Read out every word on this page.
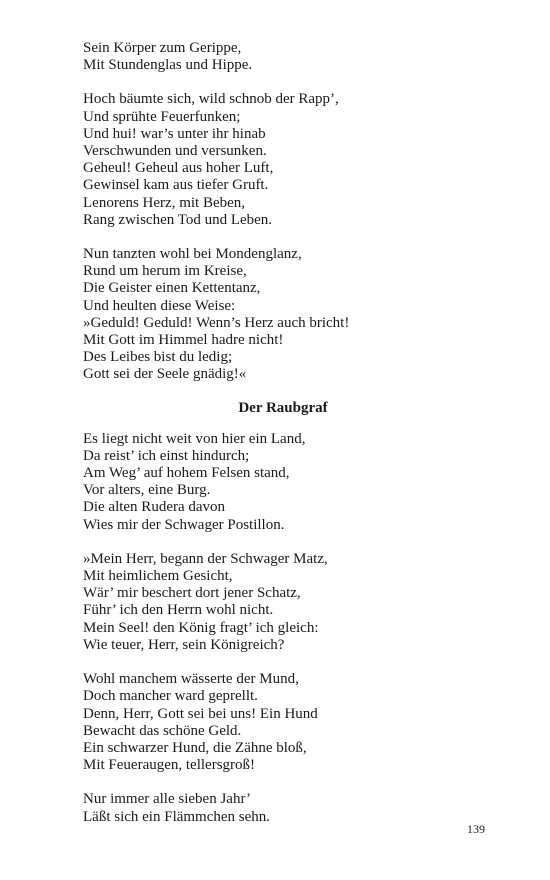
Sein Körper zum Gerippe,

Mit Stundenglas und Hippe.

Hoch bäumte sich, wild schnob der Rapp’,

Und sprühte Feuerfunken;

Und hui! war’s unter ihr hinab

Verschwunden und versunken.

Geheul! Geheul aus hoher Luft,

Gewinsel kam aus tiefer Gruft.

Lenorens Herz, mit Beben,

Rang zwischen Tod und Leben.

Nun tanzten wohl bei Mondenglanz,

Rund um herum im Kreise,

Die Geister einen Kettentanz,

Und heulten diese Weise:

»Geduld! Geduld! Wenn’s Herz auch bricht!

Mit Gott im Himmel hadre nicht!

Des Leibes bist du ledig;

Gott sei der Seele gnädig!«

Der Raubgraf

Es liegt nicht weit von hier ein Land,

Da reist’ ich einst hindurch;

Am Weg’ auf hohem Felsen stand,

Vor alters, eine Burg.

Die alten Rudera davon

Wies mir der Schwager Postillon.

»Mein Herr, begann der Schwager Matz,

Mit heimlichem Gesicht,

Wär’ mir beschert dort jener Schatz,

Führ’ ich den Herrn wohl nicht.

Mein Seel! den König fragt’ ich gleich:

Wie teuer, Herr, sein Königreich?

Wohl manchem wässerte der Mund,

Doch mancher ward geprellt.

Denn, Herr, Gott sei bei uns! Ein Hund

Bewacht das schöne Geld.

Ein schwarzer Hund, die Zähne bloß,

Mit Feueraugen, tellersgroß!

Nur immer alle sieben Jahr’

Läßt sich ein Flämmchen sehn.

139
